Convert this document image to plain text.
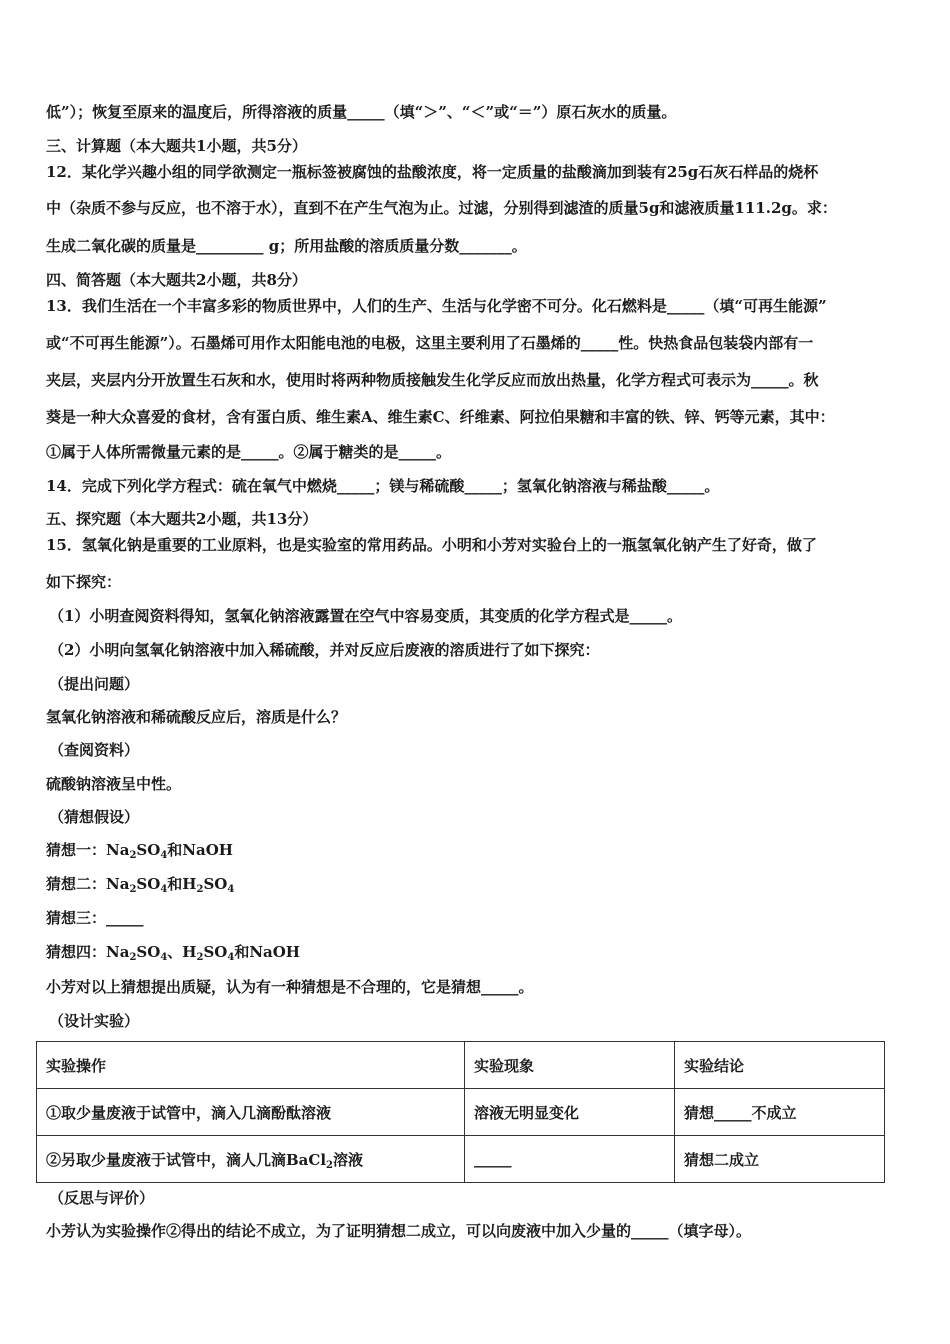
低”）；恢复至原来的温度后，所得溶液的质量_____（填“＞”、“＜”或“＝”）原石灰水的质量。
三、计算题（本大题共1小题，共5分）
12．某化学兴趣小组的同学欲测定一瓶标签被腐蚀的盐酸浓度，将一定质量的盐酸滴加到装有25g石灰石样品的烧杯
中（杂质不参与反应，也不溶于水），直到不在产生气泡为止。过滤，分别得到滤渣的质量5g和滤液质量111.2g。求：
生成二氧化碳的质量是_________ g；所用盐酸的溶质质量分数_______。
四、简答题（本大题共2小题，共8分）
13．我们生活在一个丰富多彩的物质世界中，人们的生产、生活与化学密不可分。化石燃料是_____（填“可再生能源”
或“不可再生能源”）。石墨烯可用作太阳能电池的电极，这里主要利用了石墨烯的_____性。快热食品包装袋内部有一
夹层，夹层内分开放置生石灰和水，使用时将两种物质接触发生化学反应而放出热量，化学方程式可表示为_____。秋
葵是一种大众喜爱的食材，含有蛋白质、维生素A、维生素C、纤维素、阿拉伯果糖和丰富的铁、锌、钙等元素，其中：
①属于人体所需微量元素的是_____。②属于糖类的是_____。
14．完成下列化学方程式：硫在氧气中燃烧_____；镁与稀硫酸_____；氢氧化钠溶液与稀盐酸_____。
五、探究题（本大题共2小题，共13分）
15．氢氧化钠是重要的工业原料，也是实验室的常用药品。小明和小芳对实验台上的一瓶氢氧化钠产生了好奇，做了
如下探究：
（1）小明查阅资料得知，氢氧化钠溶液露置在空气中容易变质，其变质的化学方程式是_____。
（2）小明向氢氧化钠溶液中加入稀硫酸，并对反应后废液的溶质进行了如下探究：
（提出问题）
氢氧化钠溶液和稀硫酸反应后，溶质是什么？
（查阅资料）
硫酸钠溶液呈中性。
（猜想假设）
猜想一：$Na_2SO_4$和NaOH
猜想二：$Na_2SO_4$和$H_2SO_4$
猜想三：_____
猜想四：$Na_2SO_4$、$H_2SO_4$和NaOH
小芳对以上猜想提出质疑，认为有一种猜想是不合理的，它是猜想_____。
（设计实验）
实验操作	实验现象	实验结论
①取少量废液于试管中，滴入几滴酚酞溶液	溶液无明显变化	猜想_____不成立
②另取少量废液于试管中，滴人几滴BaCl$_2$溶液	_____	猜想二成立
（反思与评价）
小芳认为实验操作②得出的结论不成立，为了证明猜想二成立，可以向废液中加入少量的_____（填字母）。
